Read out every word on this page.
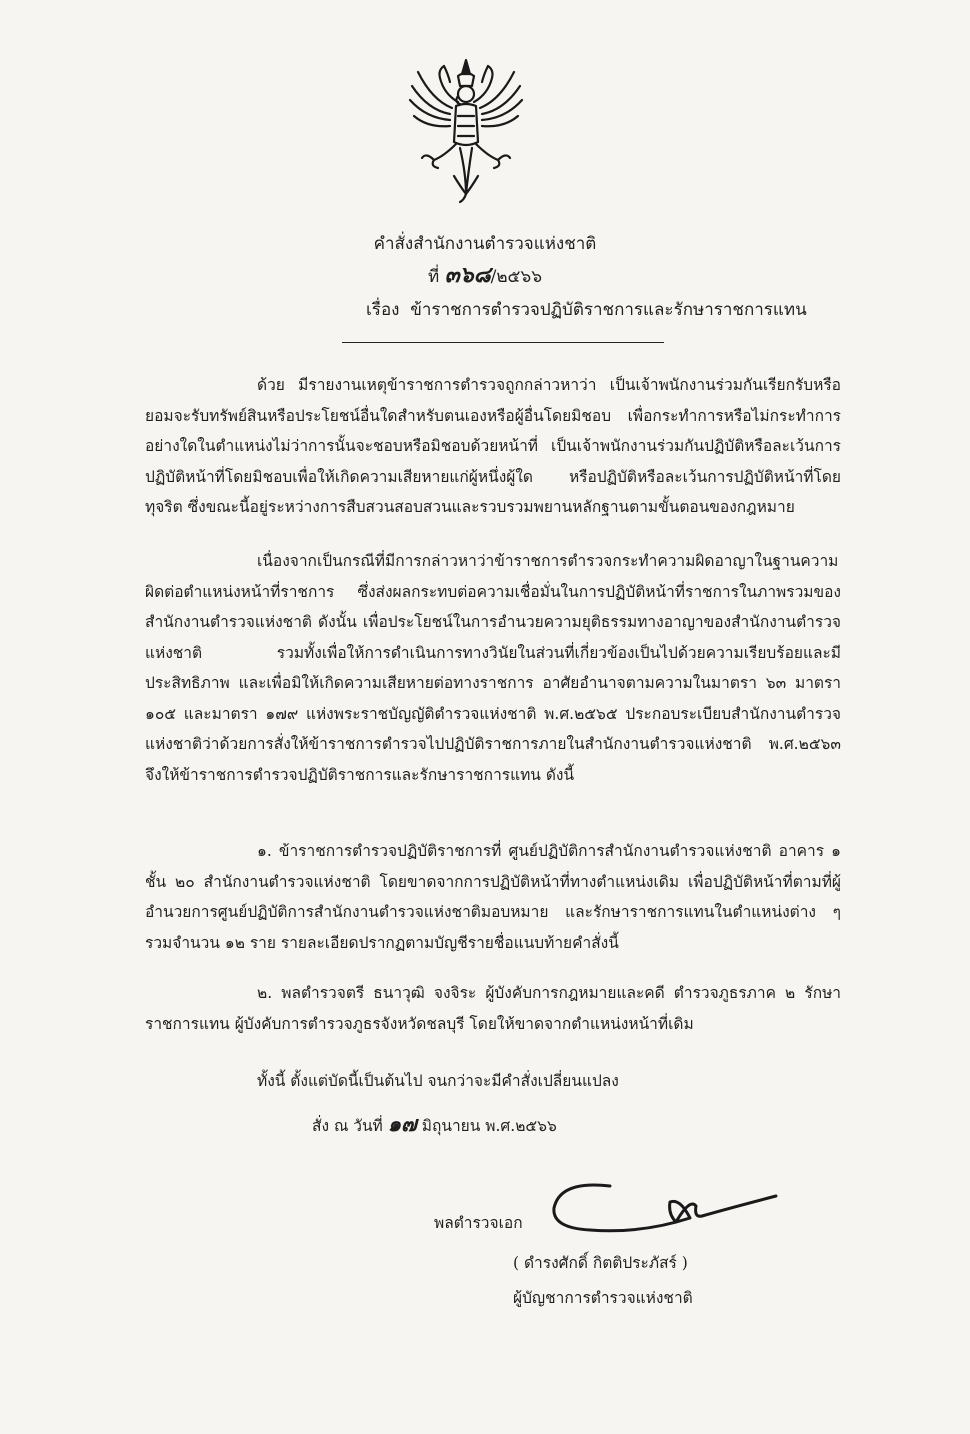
คำสั่งสำนักงานตำรวจแห่งชาติ
ที่ ๓๖๘/๒๕๖๖
เรื่อง ข้าราชการตำรวจปฏิบัติราชการและรักษาราชการแทน
ด้วย มีรายงานเหตุข้าราชการตำรวจถูกกล่าวหาว่า เป็นเจ้าพนักงานร่วมกันเรียกรับหรือยอมจะรับทรัพย์สินหรือประโยชน์อื่นใดสำหรับตนเองหรือผู้อื่นโดยมิชอบ เพื่อกระทำการหรือไม่กระทำการอย่างใดในตำแหน่งไม่ว่าการนั้นจะชอบหรือมิชอบด้วยหน้าที่ เป็นเจ้าพนักงานร่วมกันปฏิบัติหรือละเว้นการปฏิบัติหน้าที่โดยมิชอบเพื่อให้เกิดความเสียหายแก่ผู้หนึ่งผู้ใด หรือปฏิบัติหรือละเว้นการปฏิบัติหน้าที่โดยทุจริต ซึ่งขณะนี้อยู่ระหว่างการสืบสวนสอบสวนและรวบรวมพยานหลักฐานตามขั้นตอนของกฎหมาย
เนื่องจากเป็นกรณีที่มีการกล่าวหาว่าข้าราชการตำรวจกระทำความผิดอาญาในฐานความผิดต่อตำแหน่งหน้าที่ราชการ ซึ่งส่งผลกระทบต่อความเชื่อมั่นในการปฏิบัติหน้าที่ราชการในภาพรวมของสำนักงานตำรวจแห่งชาติ ดังนั้น เพื่อประโยชน์ในการอำนวยความยุติธรรมทางอาญาของสำนักงานตำรวจแห่งชาติ รวมทั้งเพื่อให้การดำเนินการทางวินัยในส่วนที่เกี่ยวข้องเป็นไปด้วยความเรียบร้อยและมีประสิทธิภาพ และเพื่อมิให้เกิดความเสียหายต่อทางราชการ อาศัยอำนาจตามความในมาตรา ๖๓ มาตรา ๑๐๕ และมาตรา ๑๗๙ แห่งพระราชบัญญัติตำรวจแห่งชาติ พ.ศ.๒๕๖๕ ประกอบระเบียบสำนักงานตำรวจแห่งชาติว่าด้วยการสั่งให้ข้าราชการตำรวจไปปฏิบัติราชการภายในสำนักงานตำรวจแห่งชาติ พ.ศ.๒๕๖๓ จึงให้ข้าราชการตำรวจปฏิบัติราชการและรักษาราชการแทน ดังนี้
๑. ข้าราชการตำรวจปฏิบัติราชการที่ ศูนย์ปฏิบัติการสำนักงานตำรวจแห่งชาติ อาคาร ๑ ชั้น ๒๐ สำนักงานตำรวจแห่งชาติ โดยขาดจากการปฏิบัติหน้าที่ทางตำแหน่งเดิม เพื่อปฏิบัติหน้าที่ตามที่ผู้อำนวยการศูนย์ปฏิบัติการสำนักงานตำรวจแห่งชาติมอบหมาย และรักษาราชการแทนในตำแหน่งต่าง ๆ รวมจำนวน ๑๒ ราย รายละเอียดปรากฏตามบัญชีรายชื่อแนบท้ายคำสั่งนี้
๒. พลตำรวจตรี ธนาวุฒิ จงจิระ ผู้บังคับการกฎหมายและคดี ตำรวจภูธรภาค ๒ รักษาราชการแทน ผู้บังคับการตำรวจภูธรจังหวัดชลบุรี โดยให้ขาดจากตำแหน่งหน้าที่เดิม
ทั้งนี้ ตั้งแต่บัดนี้เป็นต้นไป จนกว่าจะมีคำสั่งเปลี่ยนแปลง
สั่ง ณ วันที่ ๑๗ มิถุนายน พ.ศ.๒๕๖๖
พลตำรวจเอก
( ดำรงศักดิ์ กิตติประภัสร์ )
ผู้บัญชาการตำรวจแห่งชาติ
